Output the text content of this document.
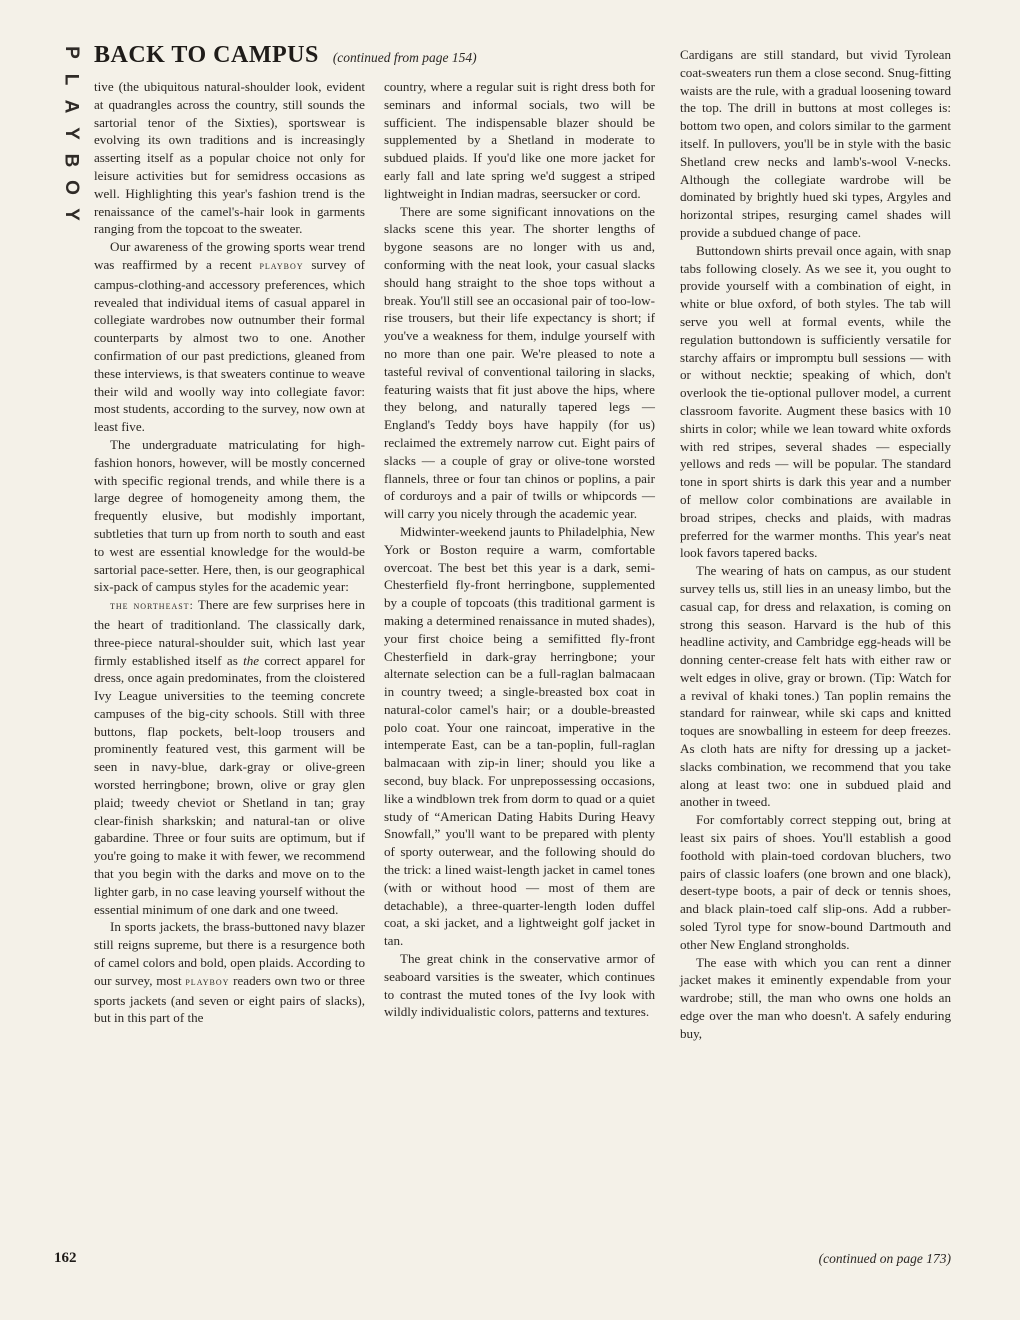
P
L
A
Y
B
O
Y
BACK TO CAMPUS (continued from page 154)

tive (the ubiquitous natural-shoulder look, evident at quadrangles across the country, still sounds the sartorial tenor of the Sixties), sportswear is evolving its own traditions and is increasingly asserting itself as a popular choice not only for leisure activities but for semidress occasions as well. Highlighting this year's fashion trend is the renaissance of the camel's-hair look in garments ranging from the topcoat to the sweater.

Our awareness of the growing sports wear trend was reaffirmed by a recent playboy survey of campus-clothing-and accessory preferences, which revealed that individual items of casual apparel in collegiate wardrobes now outnumber their formal counterparts by almost two to one. Another confirmation of our past predictions, gleaned from these interviews, is that sweaters continue to weave their wild and woolly way into collegiate favor: most students, according to the survey, now own at least five.

The undergraduate matriculating for high-fashion honors, however, will be mostly concerned with specific regional trends, and while there is a large degree of homogeneity among them, the frequently elusive, but modishly important, subtleties that turn up from north to south and east to west are essential knowledge for the would-be sartorial pace-setter. Here, then, is our geographical six-pack of campus styles for the academic year:

the northeast: There are few surprises here in the heart of traditionland. The classically dark, three-piece natural-shoulder suit, which last year firmly established itself as the correct apparel for dress, once again predominates, from the cloistered Ivy League universities to the teeming concrete campuses of the big-city schools. Still with three buttons, flap pockets, belt-loop trousers and prominently featured vest, this garment will be seen in navy-blue, dark-gray or olive-green worsted herringbone; brown, olive or gray glen plaid; tweedy cheviot or Shetland in tan; gray clear-finish sharkskin; and natural-tan or olive gabardine. Three or four suits are optimum, but if you're going to make it with fewer, we recommend that you begin with the darks and move on to the lighter garb, in no case leaving yourself without the essential minimum of one dark and one tweed.

In sports jackets, the brass-buttoned navy blazer still reigns supreme, but there is a resurgence both of camel colors and bold, open plaids. According to our survey, most playboy readers own two or three sports jackets (and seven or eight pairs of slacks), but in this part of the

country, where a regular suit is right dress both for seminars and informal socials, two will be sufficient. The indispensable blazer should be supplemented by a Shetland in moderate to subdued plaids. If you'd like one more jacket for early fall and late spring we'd suggest a striped lightweight in Indian madras, seersucker or cord.

There are some significant innovations on the slacks scene this year. The shorter lengths of bygone seasons are no longer with us and, conforming with the neat look, your casual slacks should hang straight to the shoe tops without a break. You'll still see an occasional pair of too-low-rise trousers, but their life expectancy is short; if you've a weakness for them, indulge yourself with no more than one pair. We're pleased to note a tasteful revival of conventional tailoring in slacks, featuring waists that fit just above the hips, where they belong, and naturally tapered legs — England's Teddy boys have happily (for us) reclaimed the extremely narrow cut. Eight pairs of slacks — a couple of gray or olive-tone worsted flannels, three or four tan chinos or poplins, a pair of corduroys and a pair of twills or whipcords — will carry you nicely through the academic year.

Midwinter-weekend jaunts to Philadelphia, New York or Boston require a warm, comfortable overcoat. The best bet this year is a dark, semi-Chesterfield fly-front herringbone, supplemented by a couple of topcoats (this traditional garment is making a determined renaissance in muted shades), your first choice being a semifitted fly-front Chesterfield in dark-gray herringbone; your alternate selection can be a full-raglan balmacaan in country tweed; a single-breasted box coat in natural-color camel's hair; or a double-breasted polo coat. Your one raincoat, imperative in the intemperate East, can be a tan-poplin, full-raglan balmacaan with zip-in liner; should you like a second, buy black. For unprepossessing occasions, like a windblown trek from dorm to quad or a quiet study of “American Dating Habits During Heavy Snowfall,” you'll want to be prepared with plenty of sporty outerwear, and the following should do the trick: a lined waist-length jacket in camel tones (with or without hood — most of them are detachable), a three-quarter-length loden duffel coat, a ski jacket, and a lightweight golf jacket in tan.

The great chink in the conservative armor of seaboard varsities is the sweater, which continues to contrast the muted tones of the Ivy look with wildly individualistic colors, patterns and textures.

Cardigans are still standard, but vivid Tyrolean coat-sweaters run them a close second. Snug-fitting waists are the rule, with a gradual loosening toward the top. The drill in buttons at most colleges is: bottom two open, and colors similar to the garment itself. In pullovers, you'll be in style with the basic Shetland crew necks and lamb's-wool V-necks. Although the collegiate wardrobe will be dominated by brightly hued ski types, Argyles and horizontal stripes, resurging camel shades will provide a subdued change of pace.

Buttondown shirts prevail once again, with snap tabs following closely. As we see it, you ought to provide yourself with a combination of eight, in white or blue oxford, of both styles. The tab will serve you well at formal events, while the regulation buttondown is sufficiently versatile for starchy affairs or impromptu bull sessions — with or without necktie; speaking of which, don't overlook the tie-optional pullover model, a current classroom favorite. Augment these basics with 10 shirts in color; while we lean toward white oxfords with red stripes, several shades — especially yellows and reds — will be popular. The standard tone in sport shirts is dark this year and a number of mellow color combinations are available in broad stripes, checks and plaids, with madras preferred for the warmer months. This year's neat look favors tapered backs.

The wearing of hats on campus, as our student survey tells us, still lies in an uneasy limbo, but the casual cap, for dress and relaxation, is coming on strong this season. Harvard is the hub of this headline activity, and Cambridge egg-heads will be donning center-crease felt hats with either raw or welt edges in olive, gray or brown. (Tip: Watch for a revival of khaki tones.) Tan poplin remains the standard for rainwear, while ski caps and knitted toques are snowballing in esteem for deep freezes. As cloth hats are nifty for dressing up a jacket-slacks combination, we recommend that you take along at least two: one in subdued plaid and another in tweed.

For comfortably correct stepping out, bring at least six pairs of shoes. You'll establish a good foothold with plain-toed cordovan bluchers, two pairs of classic loafers (one brown and one black), desert-type boots, a pair of deck or tennis shoes, and black plain-toed calf slip-ons. Add a rubber-soled Tyrol type for snow-bound Dartmouth and other New England strongholds.

The ease with which you can rent a dinner jacket makes it eminently expendable from your wardrobe; still, the man who owns one holds an edge over the man who doesn't. A safely enduring buy,

162	(continued on page 173)
